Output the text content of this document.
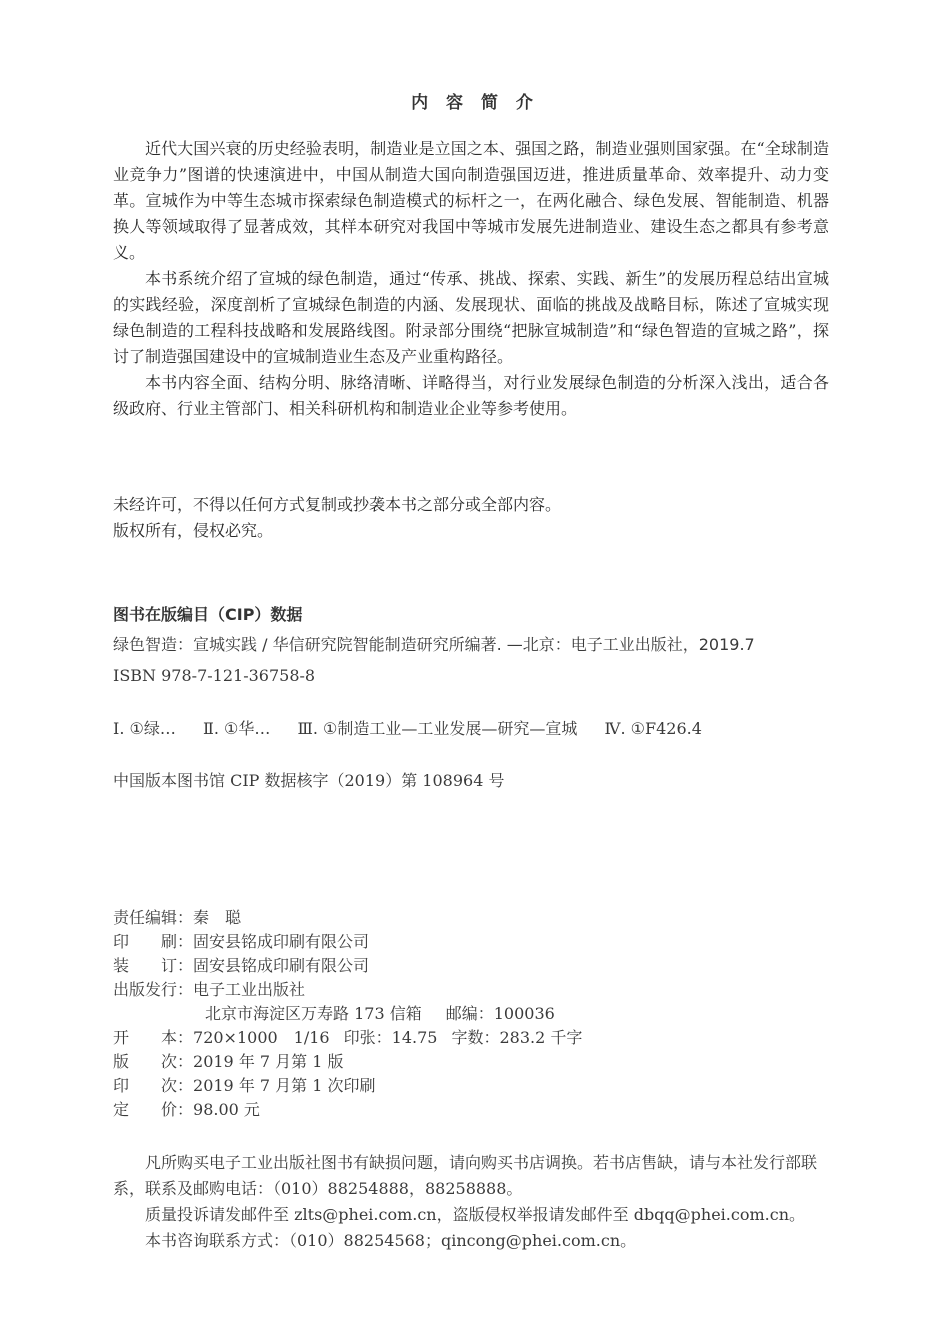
内 容 简 介

近代大国兴衰的历史经验表明，制造业是立国之本、强国之路，制造业强则国家强。在“全球制造业竞争力”图谱的快速演进中，中国从制造大国向制造强国迈进，推进质量革命、效率提升、动力变革。宣城作为中等生态城市探索绿色制造模式的标杆之一，在两化融合、绿色发展、智能制造、机器换人等领域取得了显著成效，其样本研究对我国中等城市发展先进制造业、建设生态之都具有参考意义。

本书系统介绍了宣城的绿色制造，通过“传承、挑战、探索、实践、新生”的发展历程总结出宣城的实践经验，深度剖析了宣城绿色制造的内涵、发展现状、面临的挑战及战略目标，陈述了宣城实现绿色制造的工程科技战略和发展路线图。附录部分围绕“把脉宣城制造”和“绿色智造的宣城之路”，探讨了制造强国建设中的宣城制造业生态及产业重构路径。

本书内容全面、结构分明、脉络清晰、详略得当，对行业发展绿色制造的分析深入浅出，适合各级政府、行业主管部门、相关科研机构和制造业企业等参考使用。

未经许可，不得以任何方式复制或抄袭本书之部分或全部内容。
版权所有，侵权必究。
图书在版编目（CIP）数据
绿色智造：宣城实践 / 华信研究院智能制造研究所编著. —北京：电子工业出版社，2019.7
ISBN 978-7-121-36758-8
Ⅰ. ①绿… Ⅱ. ①华… Ⅲ. ①制造工业—工业发展—研究—宣城 Ⅳ. ①F426.4
中国版本图书馆 CIP 数据核字（2019）第 108964 号
责任编辑： 秦　聪
印　　刷： 固安县铭成印刷有限公司
装　　订： 固安县铭成印刷有限公司
出版发行： 电子工业出版社
北京市海淀区万寿路 173 信箱 邮编： 100036
开　　本： 720×1000　1/16 印张： 14.75 字数： 283.2 千字
版　　次： 2019 年 7 月第 1 版
印　　次： 2019 年 7 月第 1 次印刷
定　　价： 98.00 元

凡所购买电子工业出版社图书有缺损问题，请向购买书店调换。若书店售缺，请与本社发行部联系，联系及邮购电话：（010）88254888，88258888。

质量投诉请发邮件至 zlts@phei.com.cn，盗版侵权举报请发邮件至 dbqq@phei.com.cn。

本书咨询联系方式：（010）88254568；qincong@phei.com.cn。
